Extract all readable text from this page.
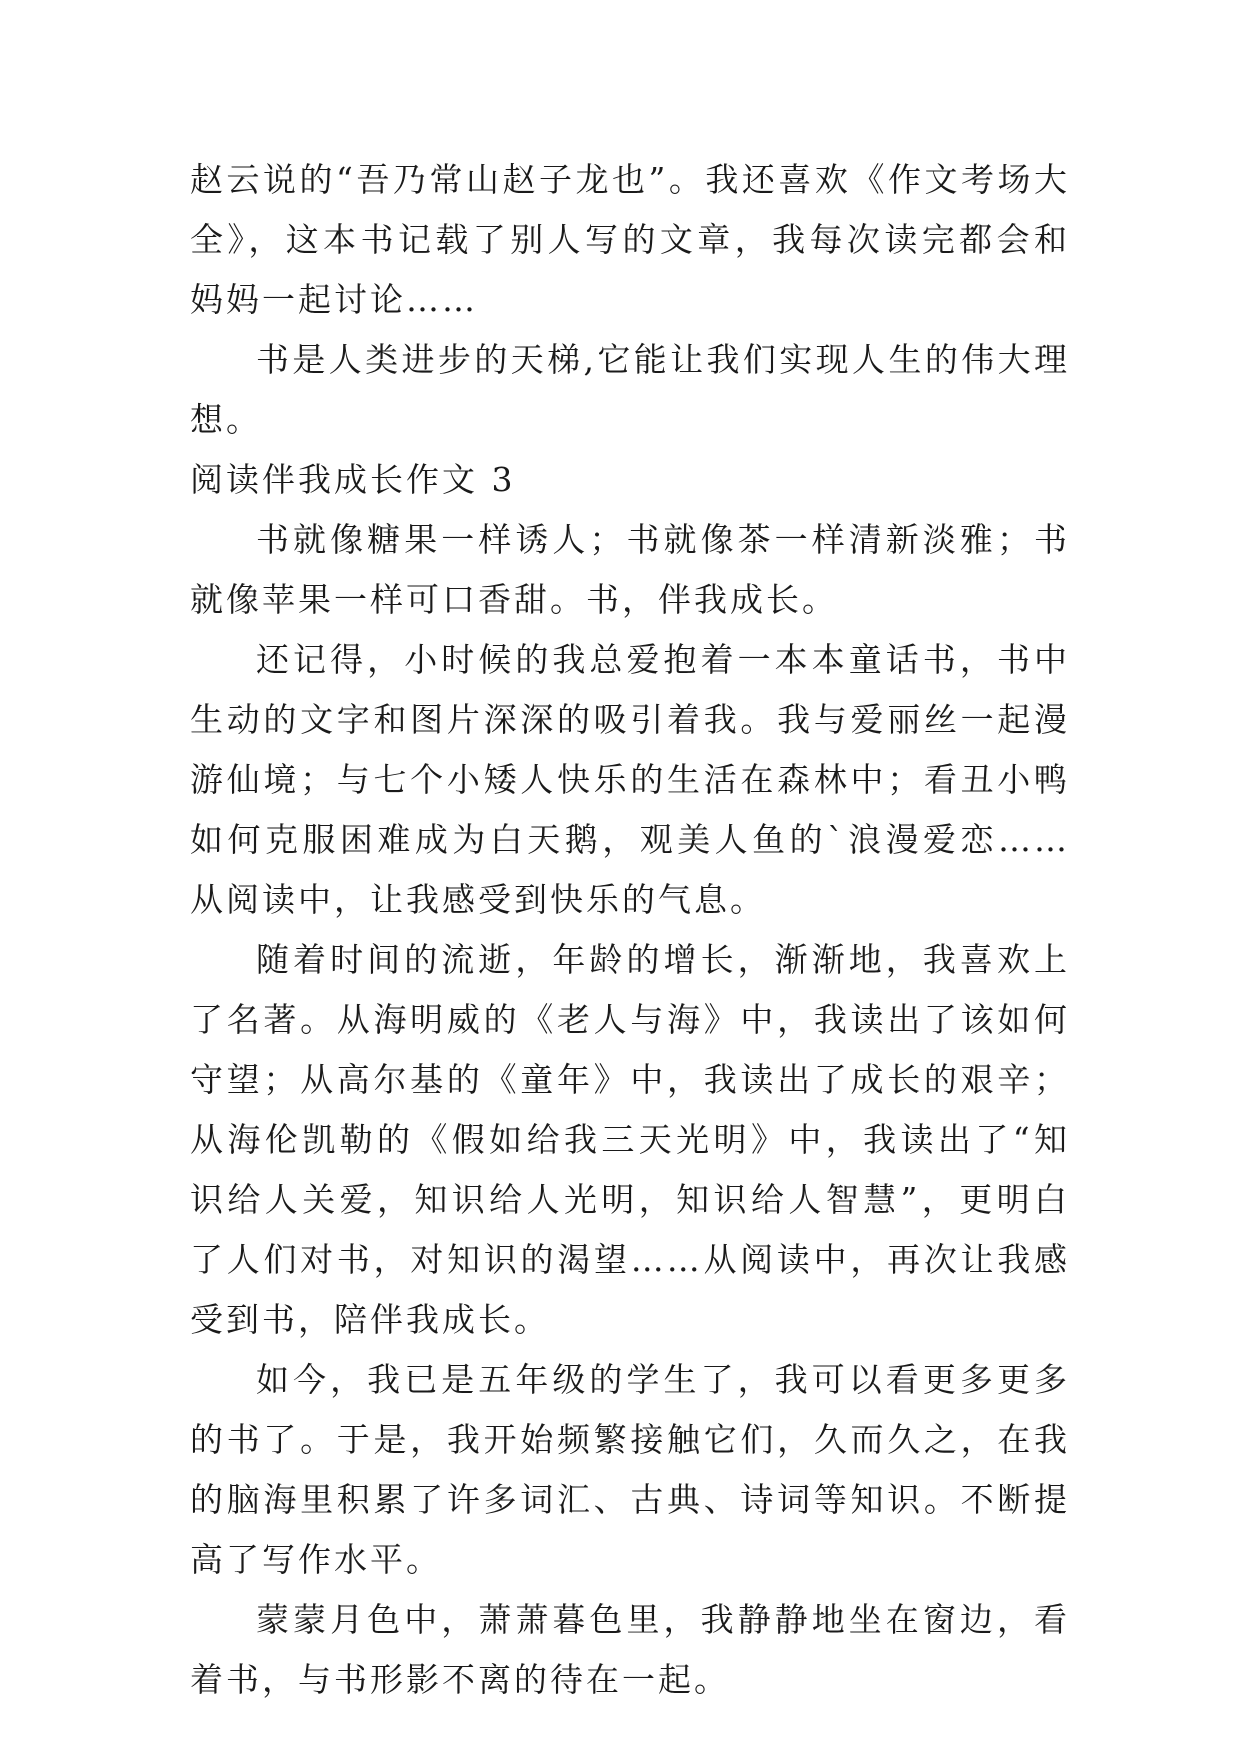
赵云说的“吾乃常山赵子龙也”。我还喜欢《作文考场大全》，这本书记载了别人写的文章，我每次读完都会和妈妈一起讨论……

书是人类进步的天梯,它能让我们实现人生的伟大理想。

阅读伴我成长作文 3

书就像糖果一样诱人；书就像茶一样清新淡雅；书就像苹果一样可口香甜。书，伴我成长。

还记得，小时候的我总爱抱着一本本童话书，书中生动的文字和图片深深的吸引着我。我与爱丽丝一起漫游仙境；与七个小矮人快乐的生活在森林中；看丑小鸭如何克服困难成为白天鹅，观美人鱼的`浪漫爱恋……从阅读中，让我感受到快乐的气息。

随着时间的流逝，年龄的增长，渐渐地，我喜欢上了名著。从海明威的《老人与海》中，我读出了该如何守望；从高尔基的《童年》中，我读出了成长的艰辛；从海伦凯勒的《假如给我三天光明》中，我读出了“知识给人关爱，知识给人光明，知识给人智慧”，更明白了人们对书，对知识的渴望……从阅读中，再次让我感受到书，陪伴我成长。

如今，我已是五年级的学生了，我可以看更多更多的书了。于是，我开始频繁接触它们，久而久之，在我的脑海里积累了许多词汇、古典、诗词等知识。不断提高了写作水平。

蒙蒙月色中，萧萧暮色里，我静静地坐在窗边，看着书，与书形影不离的待在一起。
